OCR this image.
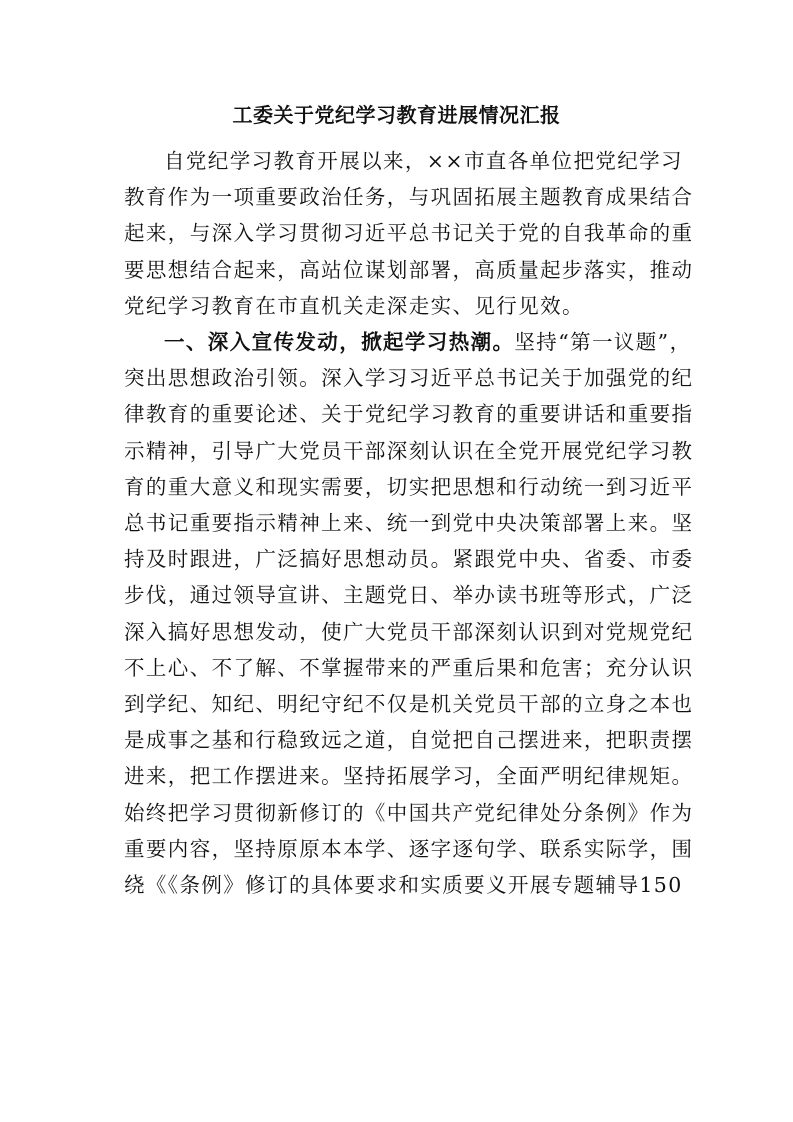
工委关于党纪学习教育进展情况汇报
自党纪学习教育开展以来，××市直各单位把党纪学习
教育作为一项重要政治任务，与巩固拓展主题教育成果结合
起来，与深入学习贯彻习近平总书记关于党的自我革命的重
要思想结合起来，高站位谋划部署，高质量起步落实，推动
党纪学习教育在市直机关走深走实、见行见效。
一、深入宣传发动，掀起学习热潮。坚持“第一议题”，
突出思想政治引领。深入学习习近平总书记关于加强党的纪
律教育的重要论述、关于党纪学习教育的重要讲话和重要指
示精神，引导广大党员干部深刻认识在全党开展党纪学习教
育的重大意义和现实需要，切实把思想和行动统一到习近平
总书记重要指示精神上来、统一到党中央决策部署上来。坚
持及时跟进，广泛搞好思想动员。紧跟党中央、省委、市委
步伐，通过领导宣讲、主题党日、举办读书班等形式，广泛
深入搞好思想发动，使广大党员干部深刻认识到对党规党纪
不上心、不了解、不掌握带来的严重后果和危害；充分认识
到学纪、知纪、明纪守纪不仅是机关党员干部的立身之本也
是成事之基和行稳致远之道，自觉把自己摆进来，把职责摆
进来，把工作摆进来。坚持拓展学习，全面严明纪律规矩。
始终把学习贯彻新修订的《中国共产党纪律处分条例》作为
重要内容，坚持原原本本学、逐字逐句学、联系实际学，围
绕《《条例》修订的具体要求和实质要义开展专题辅导150
